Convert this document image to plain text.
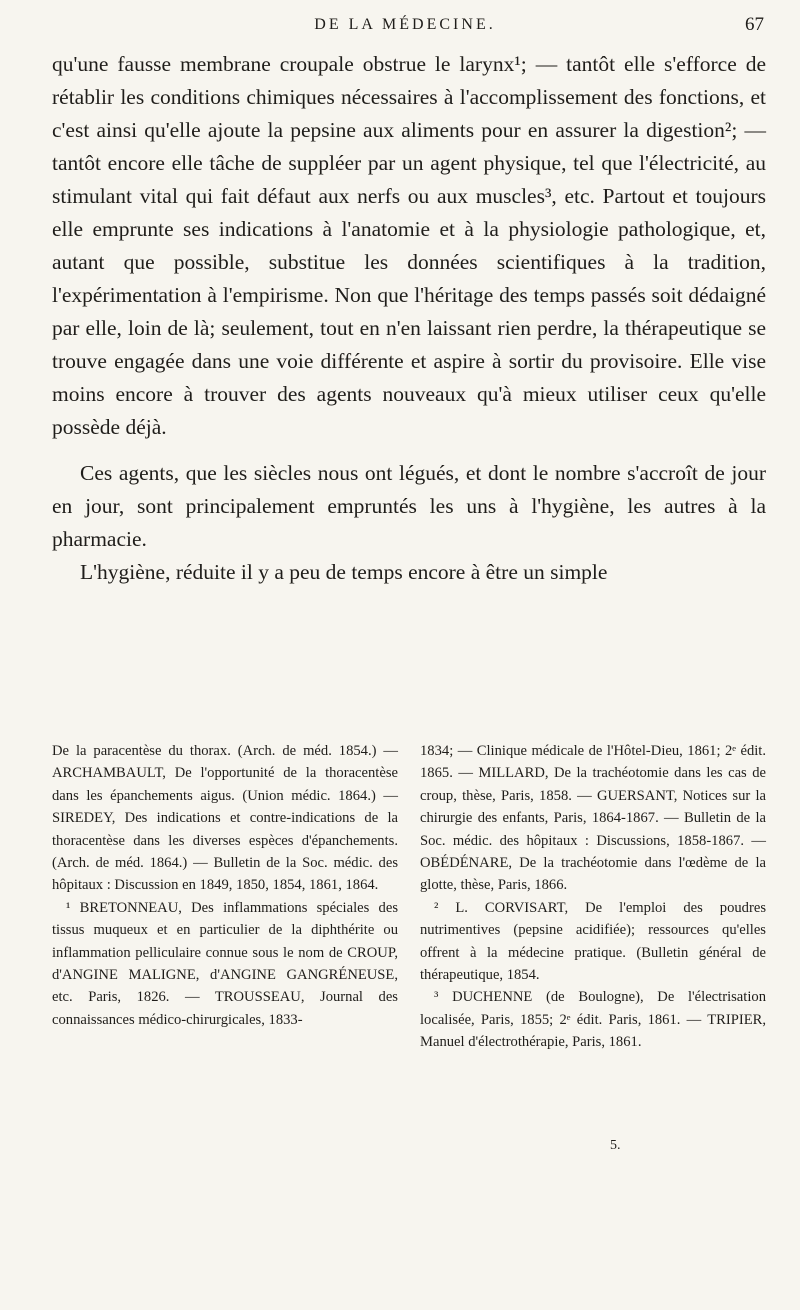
DE LA MÉDECINE.	67

qu'une fausse membrane croupale obstrue le larynx¹; — tantôt elle s'efforce de rétablir les conditions chimiques nécessaires à l'accomplissement des fonctions, et c'est ainsi qu'elle ajoute la pepsine aux aliments pour en assurer la digestion²; — tantôt encore elle tâche de suppléer par un agent physique, tel que l'électricité, au stimulant vital qui fait défaut aux nerfs ou aux muscles³, etc. Partout et toujours elle emprunte ses indications à l'anatomie et à la physiologie pathologique, et, autant que possible, substitue les données scientifiques à la tradition, l'expérimentation à l'empirisme. Non que l'héritage des temps passés soit dédaigné par elle, loin de là; seulement, tout en n'en laissant rien perdre, la thérapeutique se trouve engagée dans une voie différente et aspire à sortir du provisoire. Elle vise moins encore à trouver des agents nouveaux qu'à mieux utiliser ceux qu'elle possède déjà.

Ces agents, que les siècles nous ont légués, et dont le nombre s'accroît de jour en jour, sont principalement empruntés les uns à l'hygiène, les autres à la pharmacie.

L'hygiène, réduite il y a peu de temps encore à être un simple

De la paracentèse du thorax. (Arch. de méd. 1854.) — ARCHAMBAULT, De l'opportunité de la thoracentèse dans les épanchements aigus. (Union médic. 1864.) — SIREDEY, Des indications et contre-indications de la thoracentèse dans les diverses espèces d'épanchements. (Arch. de méd. 1864.) — Bulletin de la Soc. médic. des hôpitaux : Discussion en 1849, 1850, 1854, 1861, 1864.

¹ BRETONNEAU, Des inflammations spéciales des tissus muqueux et en particulier de la diphthérite ou inflammation pelliculaire connue sous le nom de CROUP, d'ANGINE MALIGNE, d'ANGINE GANGRÉNEUSE, etc. Paris, 1826. — TROUSSEAU, Journal des connaissances médico-chirurgicales, 1833-

1834; — Clinique médicale de l'Hôtel-Dieu, 1861; 2ᵉ édit. 1865. — MILLARD, De la trachéotomie dans les cas de croup, thèse, Paris, 1858. — GUERSANT, Notices sur la chirurgie des enfants, Paris, 1864-1867. — Bulletin de la Soc. médic. des hôpitaux : Discussions, 1858-1867. — OBÉDÉNARE, De la trachéotomie dans l'œdème de la glotte, thèse, Paris, 1866.

² L. CORVISART, De l'emploi des poudres nutrimentives (pepsine acidifiée); ressources qu'elles offrent à la médecine pratique. (Bulletin général de thérapeutique, 1854.

³ DUCHENNE (de Boulogne), De l'électrisation localisée, Paris, 1855; 2ᵉ édit. Paris, 1861. — TRIPIER, Manuel d'électrothérapie, Paris, 1861.

5.
